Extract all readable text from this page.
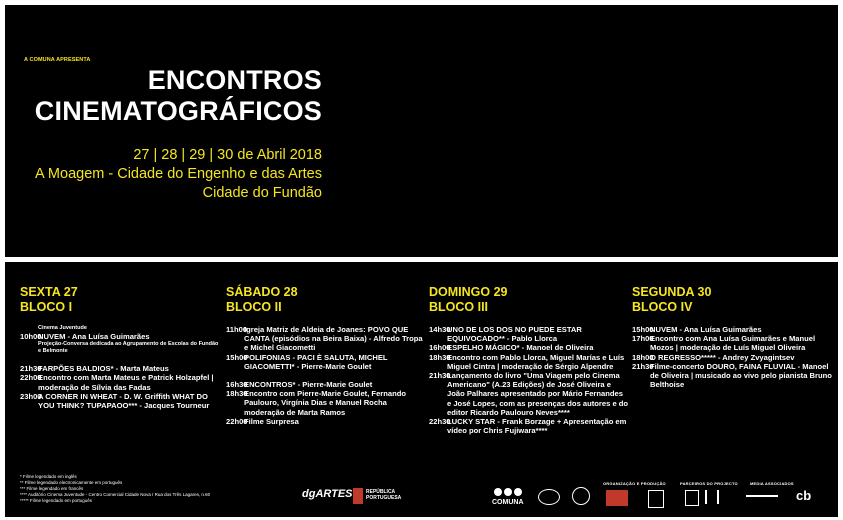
A COMUNA APRESENTA
ENCONTROS
CINEMATOGRÁFICOS
27 | 28 | 29 | 30 de Abril 2018
A Moagem - Cidade do Engenho e das Artes
Cidade do Fundão
SEXTA 27
BLOCO I
Cinema Juventude
10h00
NUVEM - Ana Luísa Guimarães
Projeção-Conversa dedicada ao Agrupamento de Escolas do Fundão e Belmonte
21h30
FARPÕES BALDIOS* - Marta Mateus
22h00
Encontro com Marta Mateus e Patrick Holzapfel | moderação de Sílvia das Fadas
23h00
A CORNER IN WHEAT - D. W. Griffith WHAT DO YOU THINK? TUPAPAOO*** - Jacques Tourneur
SÁBADO 28
BLOCO II
11h00
Igreja Matriz de Aldeia de Joanes: POVO QUE CANTA (episódios na Beira Baixa) - Alfredo Tropa e Michel Giacometti
15h00
POLIFONIAS - PACI È SALUTA, MICHEL GIACOMETTI* - Pierre-Marie Goulet
16h30
ENCONTROS* - Pierre-Marie Goulet
18h30
Encontro com Pierre-Marie Goulet, Fernando Paulouro, Virgínia Dias e Manuel Rocha moderação de Marta Ramos
22h00
Filme Surpresa
DOMINGO 29
BLOCO III
14h30
UNO DE LOS DOS NO PUEDE ESTAR EQUIVOCADO** - Pablo Llorca
16h00
ESPELHO MÁGICO* - Manoel de Oliveira
18h30
Encontro com Pablo Llorca, Miguel Marías e Luís Miguel Cintra | moderação de Sérgio Alpendre
21h30
Lançamento do livro "Uma Viagem pelo Cinema Americano" (A.23 Edições) de José Oliveira e João Palhares apresentado por Mário Fernandes e José Lopes, com as presenças dos autores e do editor Ricardo Paulouro Neves****
22h30
LUCKY STAR - Frank Borzage + Apresentação em vídeo por Chris Fujiwara****
SEGUNDA 30
BLOCO IV
15h00
NUVEM - Ana Luísa Guimarães
17h00
Encontro com Ana Luísa Guimarães e Manuel Mozos | moderação de Luís Miguel Oliveira
18h00
O REGRESSO***** - Andrey Zvyagintsev
21h30
Filme-concerto DOURO, FAINA FLUVIAL - Manoel de Oliveira | musicado ao vivo pelo pianista Bruno Belthoise
* Filme legendado em inglês
** Filme legendado electronicamente em português
*** Filme legendado em francês
**** Auditório Cinema Juventude - Centro Comercial Cidade Nova I Rua dos Três Lagares, n.60
***** Filme legendado em português
dgARTES	REPÚBLICA PORTUGUESA
COMUNA
ORGANIZAÇÃO E PRODUÇÃO	PARCEIROS DO PROJECTO	MEDIA ASSOCIADOS
cb
